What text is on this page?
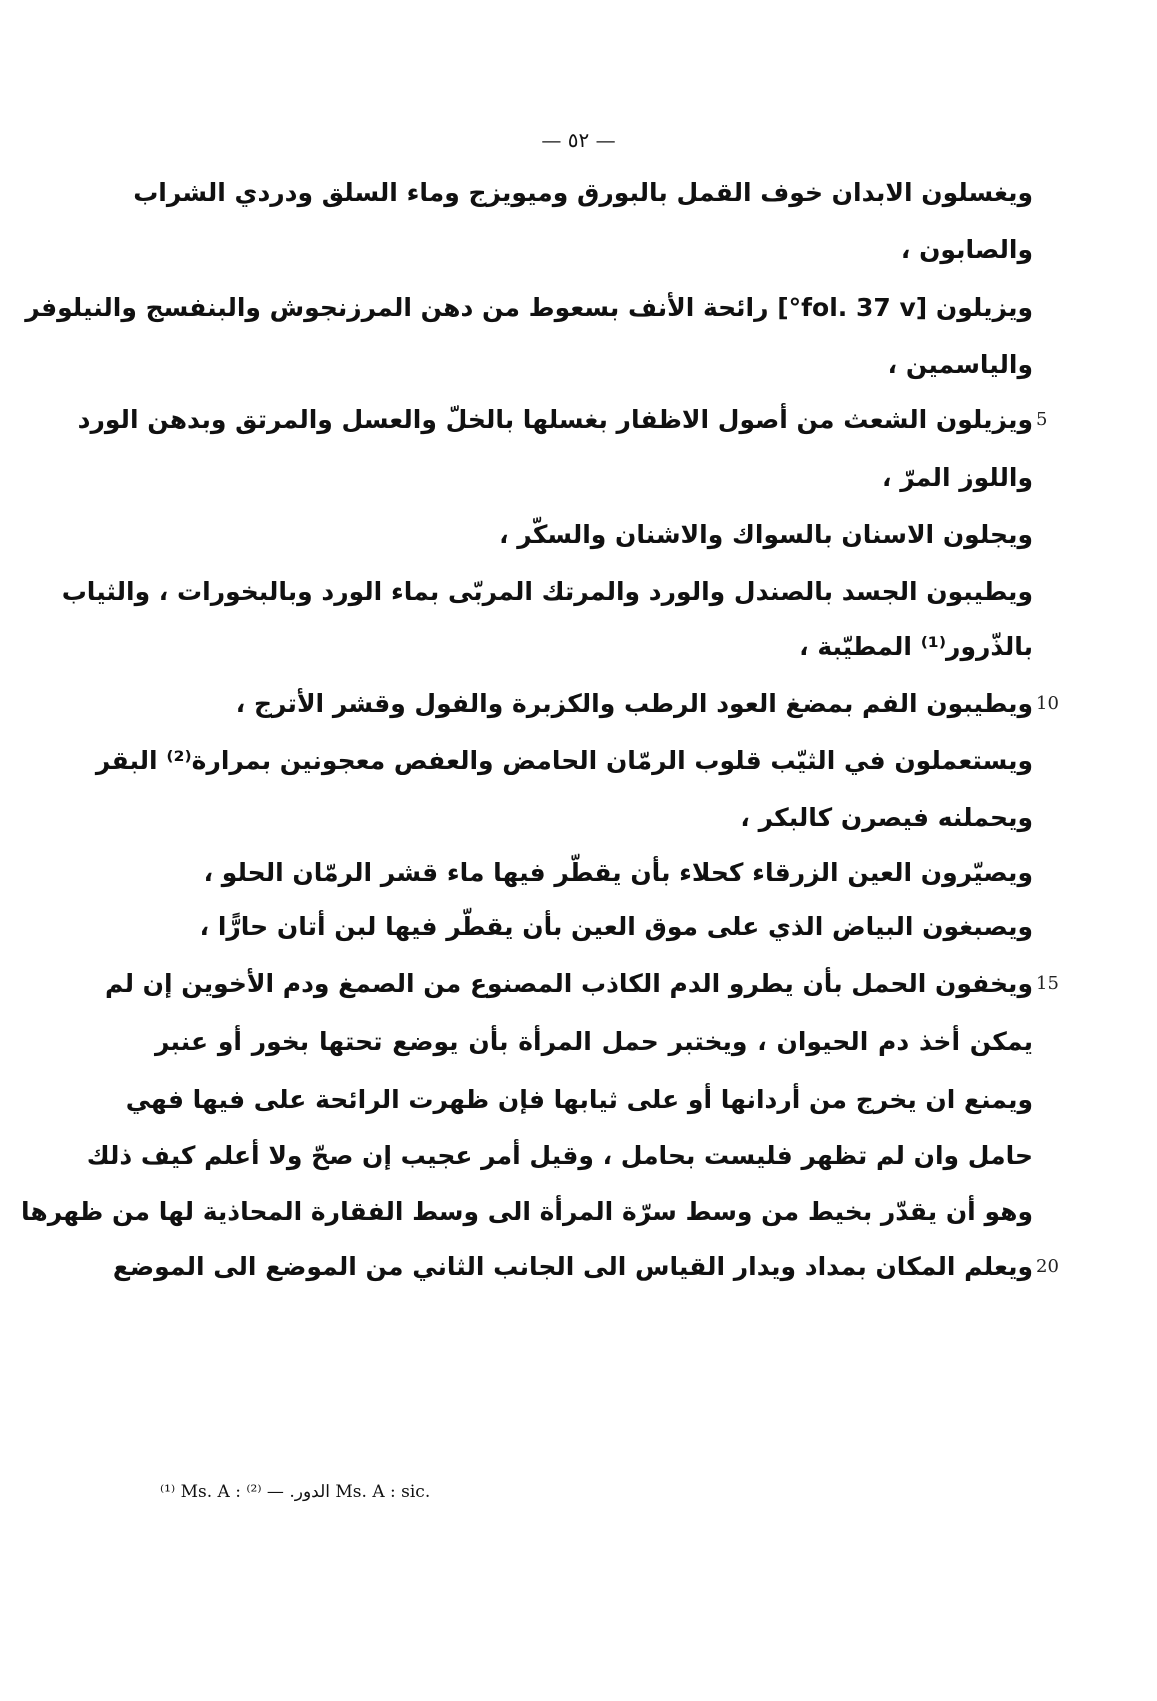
— ٥٢ —
ويغسلون الابدان خوف القمل بالبورق وميويزج وماء السلق ودردي الشراب
والصابون ،
ويزيلون [fol. 37 v°] رائحة الأنف بسعوط من دهن المرزنجوش والبنفسج والنيلوفر
والياسمين ،
ويزيلون الشعث من أصول الاظفار بغسلها بالخلّ والعسل والمرتق وبدهن الورد 5
واللوز المرّ ،
ويجلون الاسنان بالسواك والاشنان والسكّر ،
ويطيبون الجسد بالصندل والورد والمرتك المربّى بماء الورد وبالبخورات ، والثياب
بالذّرور⁽¹⁾ المطيّبة ،
ويطيبون الفم بمضغ العود الرطب والكزبرة والفول وقشر الأترج ، 10
ويستعملون في الثيّب قلوب الرمّان الحامض والعفص معجونين بمرارة⁽²⁾ البقر
ويحملنه فيصرن كالبكر ،
ويصيّرون العين الزرقاء كحلاء بأن يقطّر فيها ماء قشر الرمّان الحلو ،
ويصبغون البياض الذي على موق العين بأن يقطّر فيها لبن أتان حارًّا ،
ويخفون الحمل بأن يطرو الدم الكاذب المصنوع من الصمغ ودم الأخوين إن لم 15
يمكن أخذ دم الحيوان ، ويختبر حمل المرأة بأن يوضع تحتها بخور أو عنبر
ويمنع ان يخرج من أردانها أو على ثيابها فإن ظهرت الرائحة على فيها فهي
حامل وان لم تظهر فليست بحامل ، وقيل أمر عجيب إن صحّ ولا أعلم كيف ذلك
وهو أن يقدّر بخيط من وسط سرّة المرأة الى وسط الفقارة المحاذية لها من ظهرها
ويعلم المكان بمداد ويدار القياس الى الجانب الثاني من الموضع الى الموضع 20
⁽¹⁾ Ms. A : الدور. — ⁽²⁾ Ms. A : sic.
